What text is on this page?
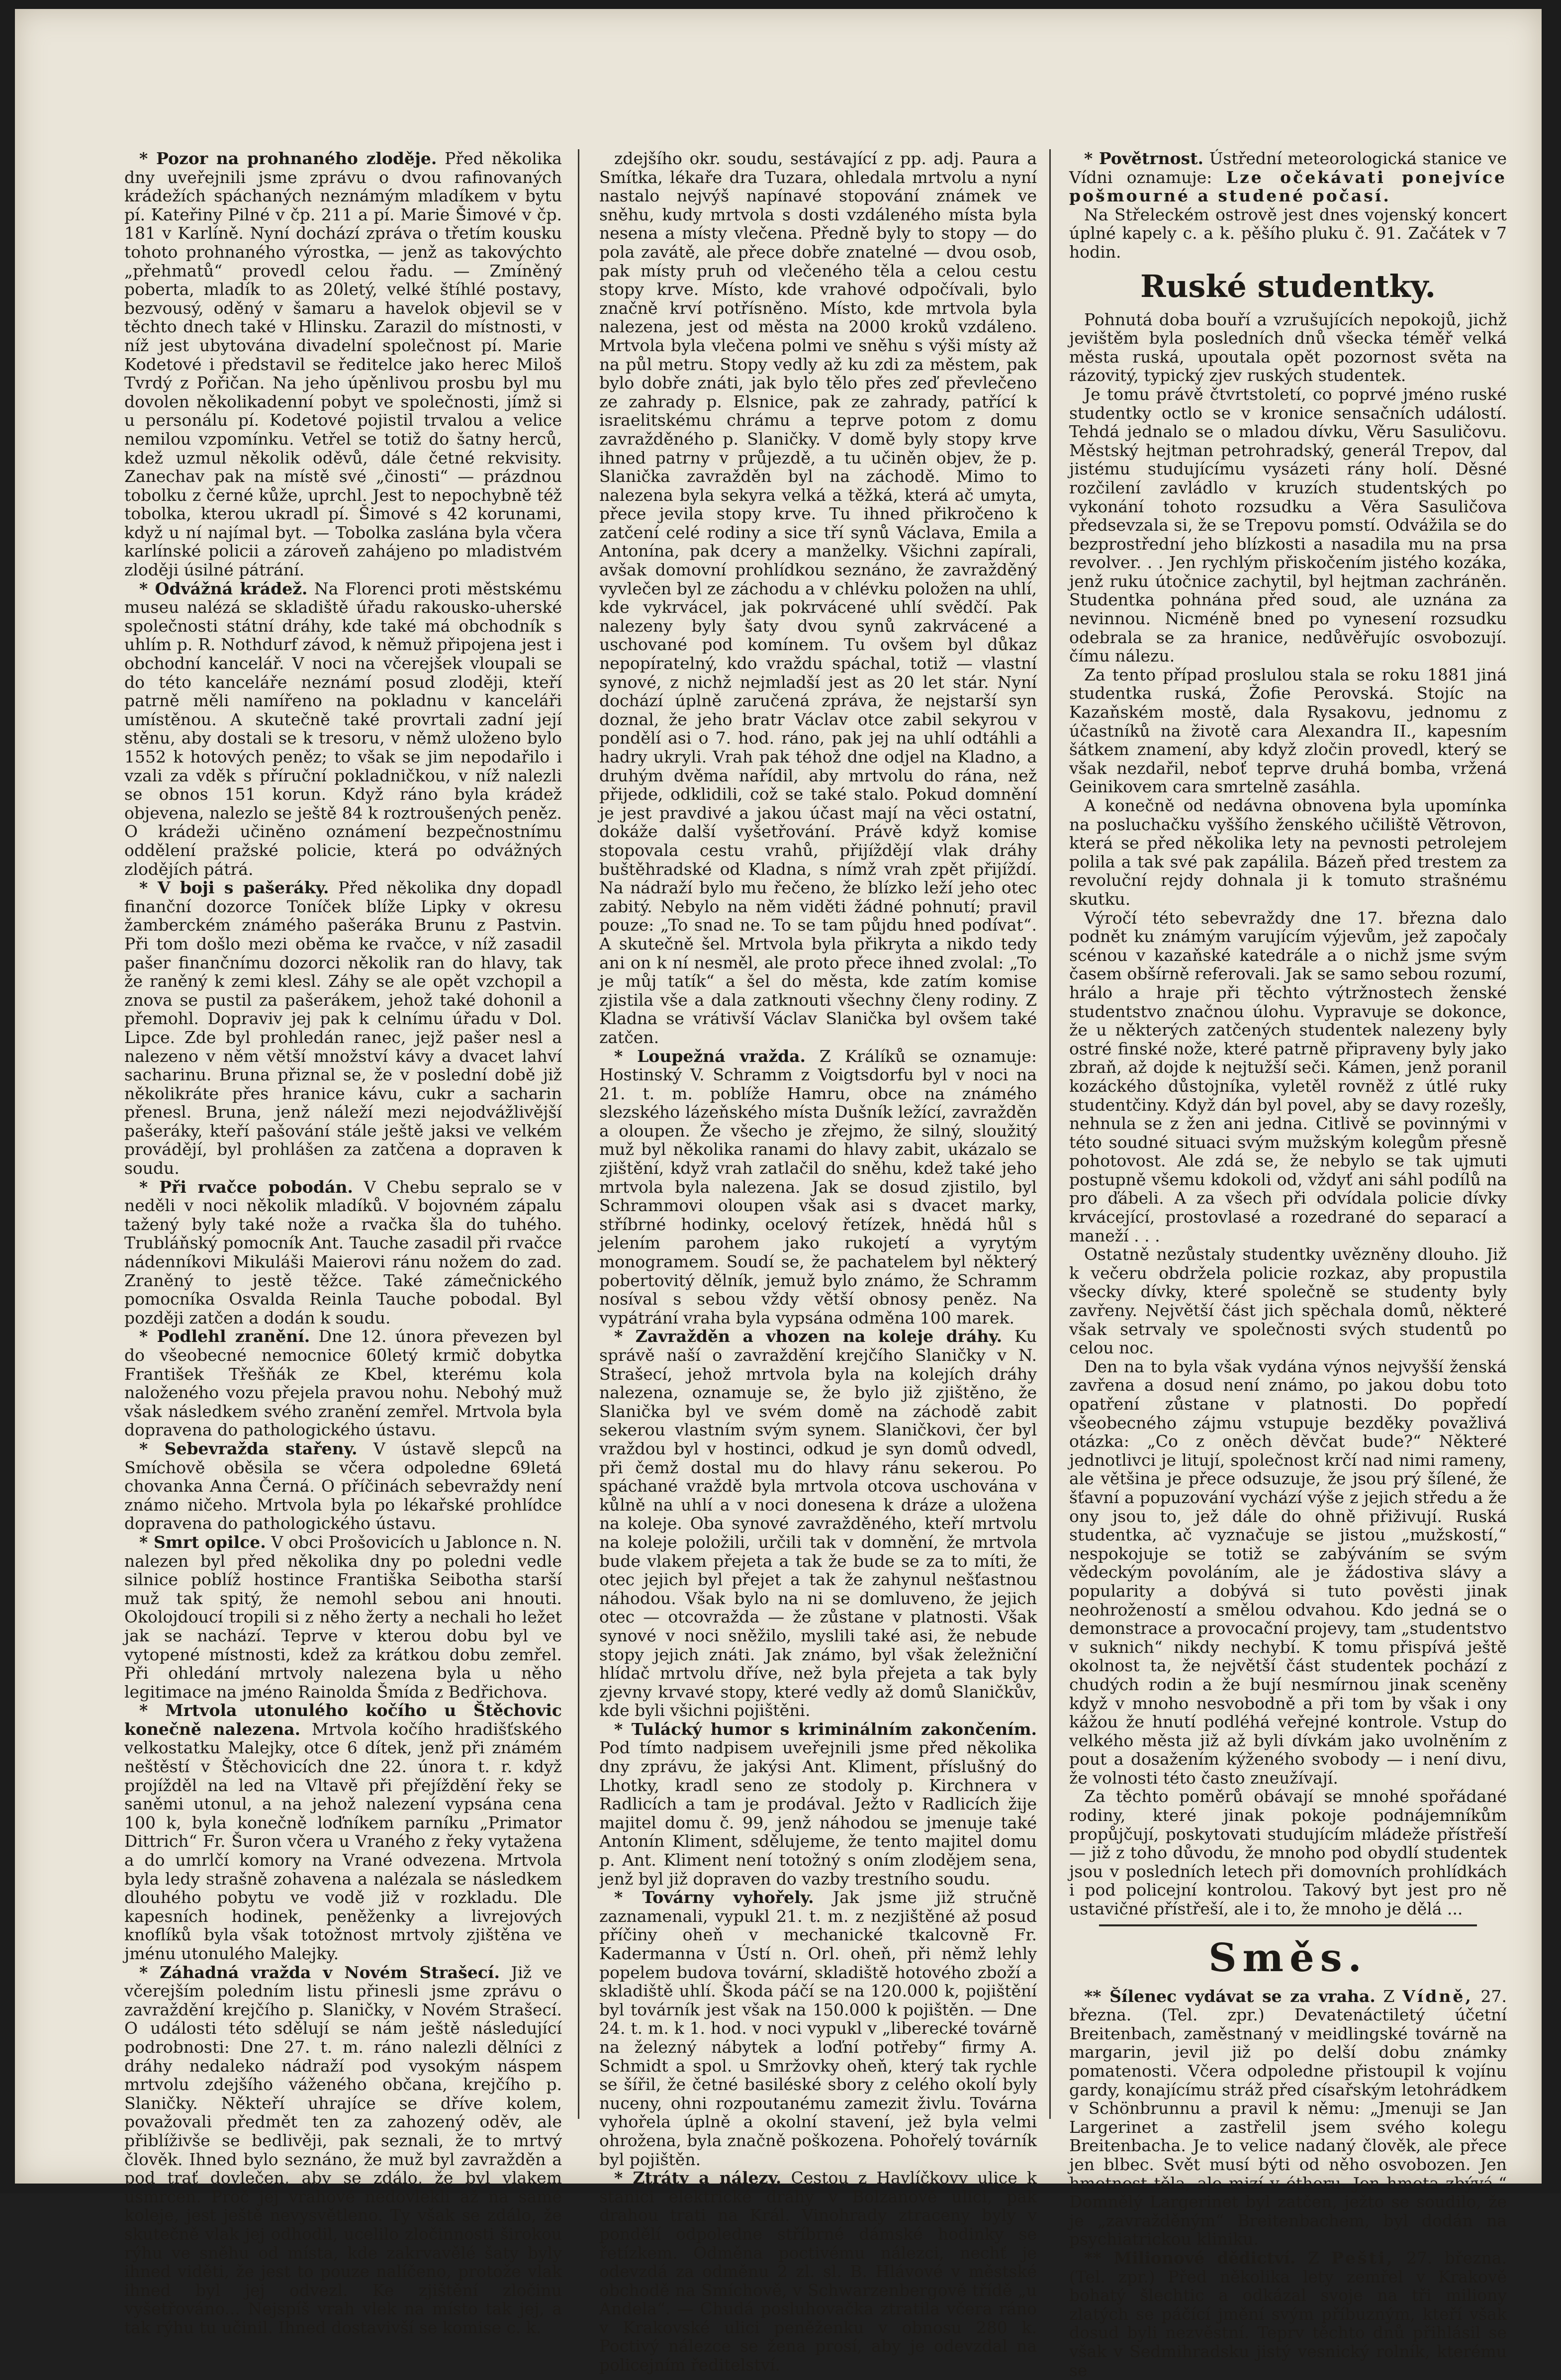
* Pozor na prohnaného zloděje. Před několika dny uveřejnili jsme zprávu o dvou rafinovaných krádežích spáchaných neznámým mladíkem v bytu pí. Kateřiny Pilné v čp. 211 a pí. Marie Šimové v čp. 181 v Karlíně. Nyní dochází zpráva o třetím kousku tohoto prohnaného výrostka, — jenž as takovýchto „přehmatů“ provedl celou řadu. — Zmíněný poberta, mladík to as 20letý, velké štíhlé postavy, bezvousý, oděný v šamaru a havelok objevil se v těchto dnech také v Hlinsku. Zarazil do místnosti, v níž jest ubytována divadelní společnost pí. Marie Kodetové i představil se ředitelce jako herec Miloš Tvrdý z Pořičan. Na jeho úpěnlivou prosbu byl mu dovolen několikadenní pobyt ve společnosti, jímž si u personálu pí. Kodetové pojistil trvalou a velice nemilou vzpomínku. Vetřel se totiž do šatny herců, kdež uzmul několik oděvů, dále četné rekvisity. Zanechav pak na místě své „činosti“ — prázdnou tobolku z černé kůže, uprchl. Jest to nepochybně též tobolka, kterou ukradl pí. Šimové s 42 korunami, když u ní najímal byt. — Tobolka zaslána byla včera karlínské policii a zároveň zahájeno po mladistvém zloději úsilné pátrání.

* Odvážná krádež. Na Florenci proti městskému museu nalézá se skladiště úřadu rakousko-uherské společnosti státní dráhy, kde také má obchodník s uhlím p. R. Nothdurf závod, k němuž připojena jest i obchodní kancelář. V noci na včerejšek vloupali se do této kanceláře neznámí posud zloději, kteří patrně měli namířeno na pokladnu v kanceláři umístěnou. A skutečně také provrtali zadní její stěnu, aby dostali se k tresoru, v němž uloženo bylo 1552 k hotových peněz; to však se jim nepodařilo i vzali za vděk s příruční pokladničkou, v níž nalezli se obnos 151 korun. Když ráno byla krádež objevena, nalezlo se ještě 84 k roztroušených peněz. O krádeži učiněno oznámení bezpečnostnímu oddělení pražské policie, která po odvážných zlodějích pátrá.

* V boji s pašeráky. Před několika dny dopadl finanční dozorce Toníček blíže Lipky v okresu žamberckém známého pašeráka Brunu z Pastvin. Při tom došlo mezi oběma ke rvačce, v níž zasadil pašer finančnímu dozorci několik ran do hlavy, tak že raněný k zemi klesl. Záhy se ale opět vzchopil a znova se pustil za pašerákem, jehož také dohonil a přemohl. Dopraviv jej pak k celnímu úřadu v Dol. Lipce. Zde byl prohledán ranec, jejž pašer nesl a nalezeno v něm větší množství kávy a dvacet lahví sacharinu. Bruna přiznal se, že v poslední době již několikráte přes hranice kávu, cukr a sacharin přenesl. Bruna, jenž náleží mezi nejodvážlivější pašeráky, kteří pašování stále ještě jaksi ve velkém provádějí, byl prohlášen za zatčena a dopraven k soudu.

* Při rvačce pobodán. V Chebu sepralo se v neděli v noci několik mladíků. V bojovném zápalu tažený byly také nože a rvačka šla do tuhého. Trubláňský pomocník Ant. Tauche zasadil při rvačce nádenníkovi Mikuláši Maierovi ránu nožem do zad. Zraněný to jestě těžce. Také zámečnického pomocníka Osvalda Reinla Tauche pobodal. Byl později zatčen a dodán k soudu.

* Podlehl zranění. Dne 12. února převezen byl do všeobecné nemocnice 60letý krmič dobytka František Třešňák ze Kbel, kterému kola naloženého vozu přejela pravou nohu. Nebohý muž však následkem svého zranění zemřel. Mrtvola byla dopravena do pathologického ústavu.

* Sebevražda stařeny. V ústavě slepců na Smíchově oběsila se včera odpoledne 69letá chovanka Anna Černá. O příčinách sebevraždy není známo ničeho. Mrtvola byla po lékařské prohlídce dopravena do pathologického ústavu.

* Smrt opilce. V obci Prošovicích u Jablonce n. N. nalezen byl před několika dny po poledni vedle silnice poblíž hostince Františka Seibotha starší muž tak spitý, že nemohl sebou ani hnouti. Okolojdoucí tropili si z něho žerty a nechali ho ležet jak se nachází. Teprve v kterou dobu byl ve vytopené místnosti, kdež za krátkou dobu zemřel. Při ohledání mrtvoly nalezena byla u něho legitimace na jméno Rainolda Šmída z Bedřichova.

* Mrtvola utonulého kočího u Štěchovic konečně nalezena. Mrtvola kočího hradišťského velkostatku Malejky, otce 6 dítek, jenž při známém neštěstí v Štěchovicích dne 22. února t. r. když projížděl na led na Vltavě při přejíždění řeky se saněmi utonul, a na jehož nalezení vypsána cena 100 k, byla konečně loďníkem parníku „Primator Dittrich“ Fr. Šuron včera u Vraného z řeky vytažena a do umrlčí komory na Vrané odvezena. Mrtvola byla ledy strašně zohavena a nalézala se následkem dlouhého pobytu ve vodě již v rozkladu. Dle kapesních hodinek, peněženky a livrejových knoflíků byla však totožnost mrtvoly zjištěna ve jménu utonulého Malejky.

* Záhadná vražda v Novém Strašecí. Již ve včerejším poledním listu přinesli jsme zprávu o zavraždění krejčího p. Slaničky, v Novém Strašecí. O události této sdělují se nám ještě následující podrobnosti: Dne 27. t. m. ráno nalezli dělníci z dráhy nedaleko nádraží pod vysokým náspem mrtvolu zdejšího váženého občana, krejčího p. Slaničky. Někteří uhrajíce se dříve kolem, považovali předmět ten za zahozený oděv, ale přiblíživše se bedlivěji, pak seznali, že to mrtvý člověk. Ihned bylo seznáno, že muž byl zavražděn a pod trať dovlečen, aby se zdálo, že byl vlakem usmrcen. Proč jej vrahové nedovlekli až na samé koleje, jest ještě nevysvětleno. Ty však se zdálo, že skutečně vlak jej odhodil, ucelilo zločinnosti širokou rýhu ve sněhu od místa, kde zakrvavělé šaty byly ihned viděti, že jest to pouze nalíčeno, protože vlak ihned byl jej odvezl. Ke zjištění zločinu vyšetřováno... Nejspíš vrah vlek na místo tak jej, a tak rýhu tu učinil. Ihned dostavivší se komise c. k.

zdejšího okr. soudu, sestávající z pp. adj. Paura a Smítka, lékaře dra Tuzara, ohledala mrtvolu a nyní nastalo nejvýš napínavé stopování známek ve sněhu, kudy mrtvola s dosti vzdáleného místa byla nesena a místy vlečena. Předně byly to stopy — do pola zavátě, ale přece dobře znatelné — dvou osob, pak místy pruh od vlečeného těla a celou cestu stopy krve. Místo, kde vrahové odpočívali, bylo značně krví potřísněno. Místo, kde mrtvola byla nalezena, jest od města na 2000 kroků vzdáleno. Mrtvola byla vlečena polmi ve sněhu s výši místy až na půl metru. Stopy vedly až ku zdi za městem, pak bylo dobře znáti, jak bylo tělo přes zeď převlečeno ze zahrady p. Elsnice, pak ze zahrady, patřící k israelitskému chrámu a teprve potom z domu zavražděného p. Slaničky. V domě byly stopy krve ihned patrny v průjezdě, a tu učiněn objev, že p. Slanička zavražděn byl na záchodě. Mimo to nalezena byla sekyra velká a těžká, která ač umyta, přece jevila stopy krve. Tu ihned přikročeno k zatčení celé rodiny a sice tří synů Václava, Emila a Antonína, pak dcery a manželky. Všichni zapírali, avšak domovní prohlídkou seznáno, že zavražděný vyvlečen byl ze záchodu a v chlévku položen na uhlí, kde vykrvácel, jak pokrvácené uhlí svědčí. Pak nalezeny byly šaty dvou synů zakrvácené a uschované pod komínem. Tu ovšem byl důkaz nepopíratelný, kdo vraždu spáchal, totiž — vlastní synové, z nichž nejmladší jest as 20 let stár. Nyní dochází úplně zaručená zpráva, že nejstarší syn doznal, že jeho bratr Václav otce zabil sekyrou v pondělí asi o 7. hod. ráno, pak jej na uhlí odtáhli a hadry ukryli. Vrah pak téhož dne odjel na Kladno, a druhým dvěma nařídil, aby mrtvolu do rána, než přijede, odklidili, což se také stalo. Pokud domnění je jest pravdivé a jakou účast mají na věci ostatní, dokáže další vyšetřování. Právě když komise stopovala cestu vrahů, přijíždějí vlak dráhy buštěhradské od Kladna, s nímž vrah zpět přijíždí. Na nádraží bylo mu řečeno, že blízko leží jeho otec zabitý. Nebylo na něm viděti žádné pohnutí; pravil pouze: „To snad ne. To se tam půjdu hned podívat“. A skutečně šel. Mrtvola byla přikryta a nikdo tedy ani on k ní nesměl, ale proto přece ihned zvolal: „To je můj tatík“ a šel do města, kde zatím komise zjistila vše a dala zatknouti všechny členy rodiny. Z Kladna se vrátivší Václav Slanička byl ovšem také zatčen.

* Loupežná vražda. Z Králíků se oznamuje: Hostinský V. Schramm z Voigtsdorfu byl v noci na 21. t. m. poblíže Hamru, obce na známého slezského lázeňského místa Dušník ležící, zavražděn a oloupen. Že všecho je zřejmo, že silný, sloužitý muž byl několika ranami do hlavy zabit, ukázalo se zjištění, když vrah zatlačil do sněhu, kdež také jeho mrtvola byla nalezena. Jak se dosud zjistilo, byl Schrammovi oloupen však asi s dvacet marky, stříbrné hodinky, ocelový řetízek, hnědá hůl s jelením parohem jako rukojetí a vyrytým monogramem. Soudí se, že pachatelem byl některý pobertovitý dělník, jemuž bylo známo, že Schramm nosíval s sebou vždy větší obnosy peněz. Na vypátrání vraha byla vypsána odměna 100 marek.

* Zavražděn a vhozen na koleje dráhy. Ku správě naší o zavraždění krejčího Slaničky v N. Strašecí, jehož mrtvola byla na kolejích dráhy nalezena, oznamuje se, že bylo již zjištěno, že Slanička byl ve svém domě na záchodě zabit sekerou vlastním svým synem. Slaničkovi, čer byl vraždou byl v hostinci, odkud je syn domů odvedl, při čemž dostal mu do hlavy ránu sekerou. Po spáchané vraždě byla mrtvola otcova uschována v kůlně na uhlí a v noci donesena k dráze a uložena na koleje. Oba synové zavražděného, kteří mrtvolu na koleje položili, určili tak v domnění, že mrtvola bude vlakem přejeta a tak že bude se za to míti, že otec jejich byl přejet a tak že zahynul nešťastnou náhodou. Však bylo na ni se domluveno, že jejich otec — otcovražda — že zůstane v platnosti. Však synové v noci sněžilo, myslili také asi, že nebude stopy jejich znáti. Jak známo, byl však želežniční hlídač mrtvolu dříve, než byla přejeta a tak byly zjevny krvavé stopy, které vedly až domů Slaničkův, kde byli všichni pojištěni.

* Tulácký humor s kriminálním zakončením. Pod tímto nadpisem uveřejnili jsme před několika dny zprávu, že jakýsi Ant. Kliment, příslušný do Lhotky, kradl seno ze stodoly p. Kirchnera v Radlicích a tam je prodával. Ježto v Radlicích žije majitel domu č. 99, jenž náhodou se jmenuje také Antonín Kliment, sdělujeme, že tento majitel domu p. Ant. Kliment není totožný s oním zlodějem sena, jenž byl již dopraven do vazby trestního soudu.

* Továrny vyhořely. Jak jsme již stručně zaznamenali, vypukl 21. t. m. z nezjištěné až posud příčiny oheň v mechanické tkalcovně Fr. Kadermanna v Ústí n. Orl. oheň, při němž lehly popelem budova tovární, skladiště hotového zboží a skladiště uhlí. Škoda páčí se na 120.000 k, pojištění byl továrník jest však na 150.000 k pojištěn. — Dne 24. t. m. k 1. hod. v noci vypukl v „liberecké továrně na železný nábytek a loďní potřeby“ firmy A. Schmidt a spol. u Smržovky oheň, který tak rychle se šířil, že četné basiléské sbory z celého okolí byly nuceny, ohni rozpoutanému zamezit živlu. Továrna vyhořela úplně a okolní stavení, jež byla velmi ohrožena, byla značně poškozena. Pohořelý továrník byl pojištěn.

* Ztráty a nálezy. Cestou z Havlíčkovy ulice k stanici elektrické dráhy v Bolzanově ulici, pak drahou trati na Král. Vinohrady ztraceny byly v pondělí odpoledne stříbrné dámské hodinky se řetízkem. Odměna poctivému nálezci, nechť je odevzdá za odměnu 2 zl. sl. B. Hlávové v městské obchodě na Smíchově, v Schwarzenbergově třídě „u Andela“. — Chudá posluhovačka ztratila včera ráno v Krakovské ulici peněženku v obnosu 280 k. Poctivý nálezce se žena prosí, aby je odevzdal na policejním ředitelství.

* Povětrnost. Ústřední meteorologická stanice ve Vídni oznamuje: Lze očekávati ponejvíce pošmourné a studené počasí.

Na Střeleckém ostrově jest dnes vojenský koncert úplné kapely c. a k. pěšího pluku č. 91. Začátek v 7 hodin.

Ruské studentky.

Pohnutá doba bouří a vzrušujících nepokojů, jichž jevištěm byla posledních dnů všecka téměř velká města ruská, upoutala opět pozornost světa na rázovitý, typický zjev ruských studentek.

Je tomu právě čtvrtstoletí, co poprvé jméno ruské studentky octlo se v kronice sensačních událostí. Tehdá jednalo se o mladou dívku, Věru Sasuličovu. Městský hejtman petrohradský, generál Trepov, dal jistému studujícímu vysázeti rány holí. Děsné rozčilení zavládlo v kruzích studentských po vykonání tohoto rozsudku a Věra Sasuličova předsevzala si, že se Trepovu pomstí. Odvážila se do bezprostřední jeho blízkosti a nasadila mu na prsa revolver. . . Jen rychlým přiskočením jistého kozáka, jenž ruku útočnice zachytil, byl hejtman zachráněn. Studentka pohnána před soud, ale uznána za nevinnou. Nicméně bned po vynesení rozsudku odebrala se za hranice, nedůvěřujíc osvobozují. čímu nálezu.

Za tento případ proslulou stala se roku 1881 jiná studentka ruská, Žofie Perovská. Stojíc na Kazaňském mostě, dala Rysakovu, jednomu z účastníků na životě cara Alexandra II., kapesním šátkem znamení, aby když zločin provedl, který se však nezdařil, neboť teprve druhá bomba, vržená Geinikovem cara smrtelně zasáhla.

A konečně od nedávna obnovena byla upomínka na posluchačku vyššího ženského učiliště Větrovon, která se před několika lety na pevnosti petrolejem polila a tak své pak zapálila. Bázeň před trestem za revoluční rejdy dohnala ji k tomuto strašnému skutku.

Výročí této sebevraždy dne 17. března dalo podnět ku známým varujícím výjevům, jež započaly scénou v kazaňské katedrále a o nichž jsme svým časem obšírně referovali. Jak se samo sebou rozumí, hrálo a hraje při těchto výtržnostech ženské studentstvo značnou úlohu. Vypravuje se dokonce, že u některých zatčených studentek nalezeny byly ostré finské nože, které patrně připraveny byly jako zbraň, až dojde k nejtužší seči. Kámen, jenž poranil kozáckého důstojníka, vyletěl rovněž z útlé ruky studentčiny. Když dán byl povel, aby se davy rozešly, nehnula se z žen ani jedna. Citlivě se povinnými v této soudné situaci svým mužským kolegům přesně pohotovost. Ale zdá se, že nebylo se tak ujmuti postupně všemu kdokoli od, vždyť ani sáhl podílů na pro ďábeli. A za všech při odvídala policie dívky krvácející, prostovlasé a rozedrané do separací a maneží . . .

Ostatně nezůstaly studentky uvězněny dlouho. Již k večeru obdržela policie rozkaz, aby propustila všecky dívky, které společně se studenty byly zavřeny. Největší část jich spěchala domů, některé však setrvaly ve společnosti svých studentů po celou noc.

Den na to byla však vydána výnos nejvyšší ženská zavřena a dosud není známo, po jakou dobu toto opatření zůstane v platnosti. Do popředí všeobecného zájmu vstupuje bezděky považlivá otázka: „Co z oněch děvčat bude?“ Některé jednotlivci je litují, společnost krčí nad nimi rameny, ale většina je přece odsuzuje, že jsou prý šílené, že šťavní a popuzování vychází výše z jejich středu a že ony jsou to, jež dále do ohně přiživují. Ruská studentka, ač vyznačuje se jistou „mužskostí,“ nespokojuje se totiž se zabýváním se svým vědeckým povoláním, ale je žádostiva slávy a popularity a dobývá si tuto pověsti jinak neohrožeností a smělou odvahou. Kdo jedná se o demonstrace a provocační projevy, tam „studentstvo v suknich“ nikdy nechybí. K tomu přispívá ještě okolnost ta, že největší část studentek pochází z chudých rodin a že bují nesmírnou jinak sceněny když v mnoho nesvobodně a při tom by však i ony kážou že hnutí podléhá veřejné kontrole. Vstup do velkého města již až byli dívkám jako uvolněním z pout a dosažením kýženého svobody — i není divu, že volnosti této často zneužívají.

Za těchto poměrů obávají se mnohé spořádané rodiny, které jinak pokoje podnájemníkům propůjčují, poskytovati studujícím mládeže přístřeší — již z toho důvodu, že mnoho pod obydlí studentek jsou v posledních letech při domovních prohlídkách i pod policejní kontrolou. Takový byt jest pro ně ustavičné přístřeší, ale i to, že mnoho je dělá ...

Směs.

** Šílenec vydávat se za vraha. Z Vídně, 27. března. (Tel. zpr.) Devatenáctiletý účetní Breitenbach, zaměstnaný v meidlingské továrně na margarin, jevil již po delší dobu známky pomatenosti. Včera odpoledne přistoupil k vojínu gardy, konajícímu stráž před císařským letohrádkem v Schönbrunnu a pravil k němu: „Jmenuji se Jan Largerinet a zastřelil jsem svého kolegu Breitenbacha. Je to velice nadaný člověk, ale přece jen blbec. Svět musí býti od něho osvobozen. Jen hmotnost těla, ale mizí v étheru. Jen hmota zbývá.“ Domnělý Largerinet byl zatčen, ježto se soudilo, že je „zavražděným“ Breitenbachem, byl dodán na psychiatrickou kliniku.

** Milionové dědictví. Z Pešti, 27. března. (Tel. zpr.) Před několika lety zemřel v Krakově bohatý šlechtic a odkázal svoje na tři miliony zlatých se páčící jmění svým příbuzným, kteří však dosud byli nezvěstní. Teprv těchto dnů přihlásil se však v Sedmihradsku jistý vesnický rolník, kterému se
